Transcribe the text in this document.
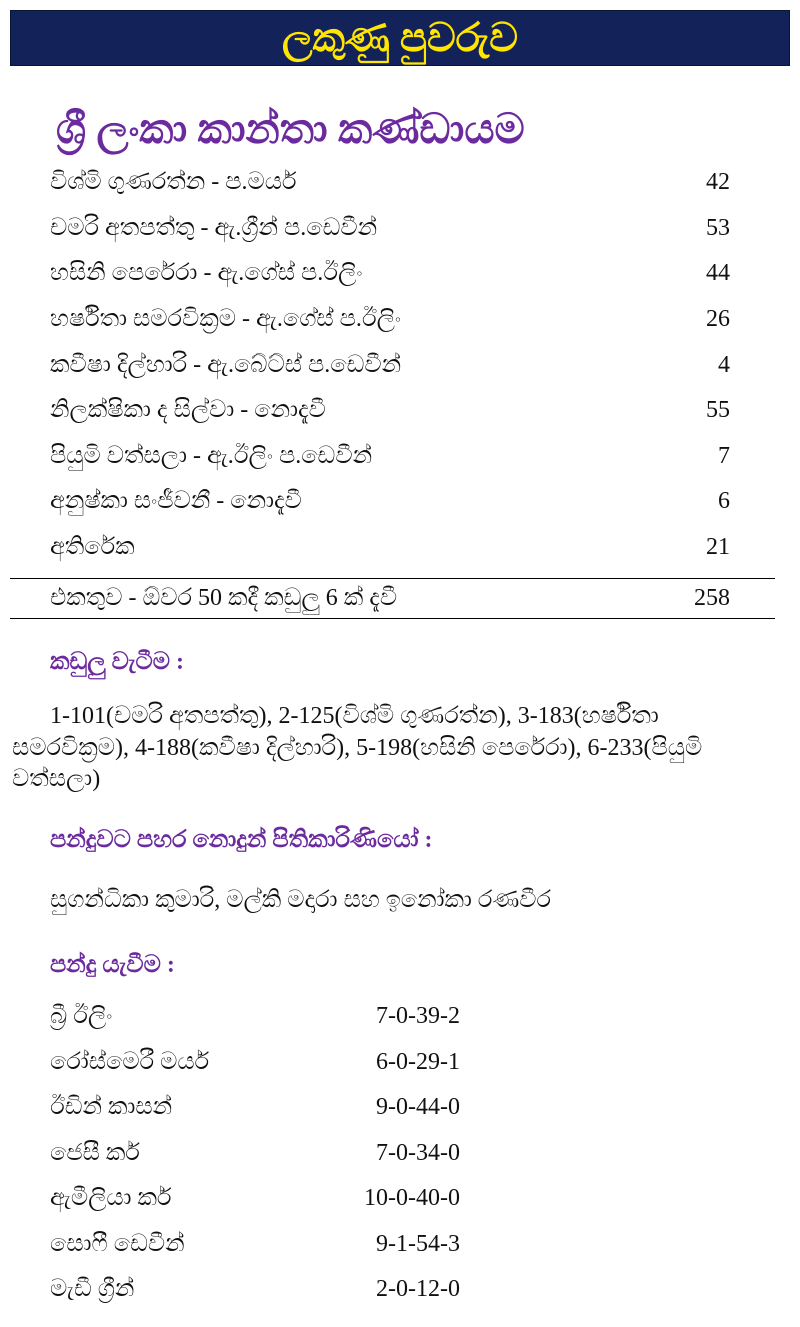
ලකුණු පුවරුව
ශ්‍රී ලංකා කාන්තා කණ්ඩායම
විශ්මි ගුණරත්න - ප.මයර්	42
චමරි අතපත්තු - ඇ.ග්‍රීන් ප.ඩෙවීන්	53
හසිනි පෙරේරා - ඇ.ගේස් ප.ඊලිං	44
හර්ෂිතා සමරවික්‍රම - ඇ.ගේස් ප.ඊලිං	26
කවීෂා දිල්හාරි - ඇ.බේට්ස් ප.ඩෙවීන්	4
නිලක්ෂිකා ද සිල්වා - නොදැවී	55
පියුමි වත්සලා - ඇ.ඊලිං ප.ඩෙවීන්	7
අනුෂ්කා සංජීවනී - නොදැවී	6
අතිරේක	21
එකතුව - ඕවර 50 කදී කඩුලු 6 ක් දැවී	258
කඩුලු වැටීම :
1-101(චමරි අතපත්තු), 2-125(විශ්මි ගුණරත්න), 3-183(හර්ෂිතා සමරවික්‍රම), 4-188(කවීෂා දිල්හාරි), 5-198(හසිනි පෙරේරා), 6-233(පියුමි වත්සලා)
පන්දුවට පහර නොදුන් පිතිකාරිණියෝ :
සුගන්ධිකා කුමාරි, මල්කි මදාරා සහ ඉනෝකා රණවීර
පන්දු යැවීම :
බ්‍රී ඊලිං	7-0-39-2
රෝස්මෙරී මයර්	6-0-29-1
ඊඩින් කාසන්	9-0-44-0
ජෙසී කර්	7-0-34-0
ඇමීලියා කර්	10-0-40-0
සොෆී ඩෙවීන්	9-1-54-3
මැඩී ග්‍රීන්	2-0-12-0
